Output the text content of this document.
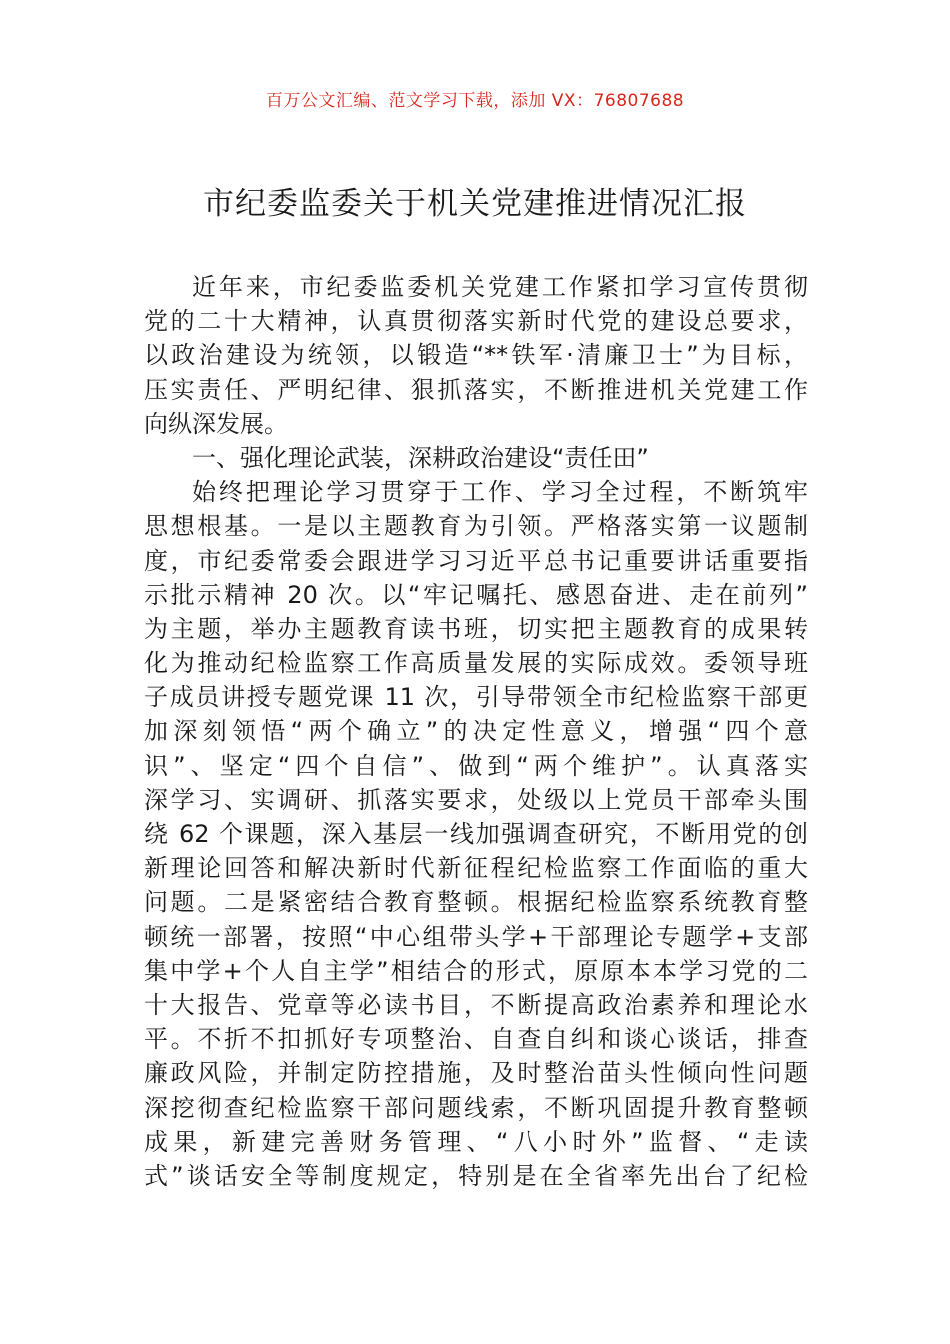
百万公文汇编、范文学习下载，添加 VX：76807688
市纪委监委关于机关党建推进情况汇报
近年来，市纪委监委机关党建工作紧扣学习宣传贯彻
党的二十大精神，认真贯彻落实新时代党的建设总要求，
以政治建设为统领，以锻造“**铁军·清廉卫士”为目标，
压实责任、严明纪律、狠抓落实，不断推进机关党建工作
向纵深发展。
一、强化理论武装，深耕政治建设“责任田”
始终把理论学习贯穿于工作、学习全过程，不断筑牢
思想根基。一是以主题教育为引领。严格落实第一议题制
度，市纪委常委会跟进学习习近平总书记重要讲话重要指
示批示精神 20 次。以“牢记嘱托、感恩奋进、走在前列”
为主题，举办主题教育读书班，切实把主题教育的成果转
化为推动纪检监察工作高质量发展的实际成效。委领导班
子成员讲授专题党课 11 次，引导带领全市纪检监察干部更
加深刻领悟“两个确立”的决定性意义，增强“四个意
识”、坚定“四个自信”、做到“两个维护”。认真落实
深学习、实调研、抓落实要求，处级以上党员干部牵头围
绕 62 个课题，深入基层一线加强调查研究，不断用党的创
新理论回答和解决新时代新征程纪检监察工作面临的重大
问题。二是紧密结合教育整顿。根据纪检监察系统教育整
顿统一部署，按照“中心组带头学+干部理论专题学+支部
集中学+个人自主学”相结合的形式，原原本本学习党的二
十大报告、党章等必读书目，不断提高政治素养和理论水
平。不折不扣抓好专项整治、自查自纠和谈心谈话，排查
廉政风险，并制定防控措施，及时整治苗头性倾向性问题
深挖彻查纪检监察干部问题线索，不断巩固提升教育整顿
成果，新建完善财务管理、“八小时外”监督、“走读
式”谈话安全等制度规定，特别是在全省率先出台了纪检
